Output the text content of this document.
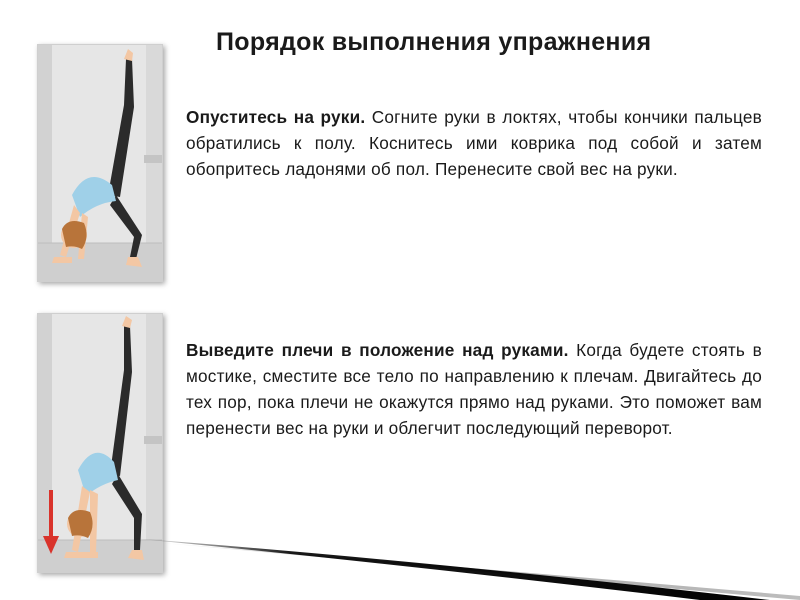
Порядок выполнения упражнения
Опуститесь на руки. Согните руки в локтях, чтобы кончики пальцев обратились к полу. Коснитесь ими коврика под собой и затем обопритесь ладонями об пол. Перенесите свой вес на руки.
Выведите плечи в положение над руками. Когда будете стоять в мостике, сместите все тело по направлению к плечам. Двигайтесь до тех пор, пока плечи не окажутся прямо над руками. Это поможет вам перенести вес на руки и облегчит последующий переворот.
